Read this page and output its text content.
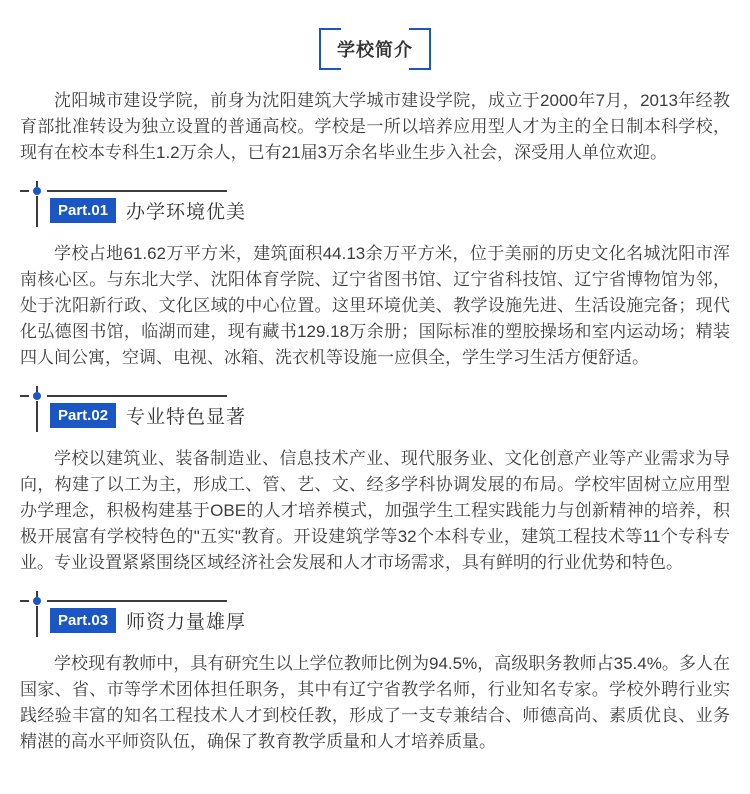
学校简介

沈阳城市建设学院，前身为沈阳建筑大学城市建设学院，成立于2000年7月，2013年经教育部批准转设为独立设置的普通高校。学校是一所以培养应用型人才为主的全日制本科学校，现有在校本专科生1.2万余人，已有21届3万余名毕业生步入社会，深受用人单位欢迎。

Part.01 办学环境优美

学校占地61.62万平方米，建筑面积44.13余万平方米，位于美丽的历史文化名城沈阳市浑南核心区。与东北大学、沈阳体育学院、辽宁省图书馆、辽宁省科技馆、辽宁省博物馆为邻，处于沈阳新行政、文化区域的中心位置。这里环境优美、教学设施先进、生活设施完备；现代化弘德图书馆，临湖而建，现有藏书129.18万余册；国际标准的塑胶操场和室内运动场；精装四人间公寓，空调、电视、冰箱、洗衣机等设施一应俱全，学生学习生活方便舒适。

Part.02 专业特色显著

学校以建筑业、装备制造业、信息技术产业、现代服务业、文化创意产业等产业需求为导向，构建了以工为主，形成工、管、艺、文、经多学科协调发展的布局。学校牢固树立应用型办学理念，积极构建基于OBE的人才培养模式，加强学生工程实践能力与创新精神的培养，积极开展富有学校特色的"五实"教育。开设建筑学等32个本科专业，建筑工程技术等11个专科专业。专业设置紧紧围绕区域经济社会发展和人才市场需求，具有鲜明的行业优势和特色。

Part.03 师资力量雄厚

学校现有教师中，具有研究生以上学位教师比例为94.5%，高级职务教师占35.4%。多人在国家、省、市等学术团体担任职务，其中有辽宁省教学名师，行业知名专家。学校外聘行业实践经验丰富的知名工程技术人才到校任教，形成了一支专兼结合、师德高尚、素质优良、业务精湛的高水平师资队伍，确保了教育教学质量和人才培养质量。
